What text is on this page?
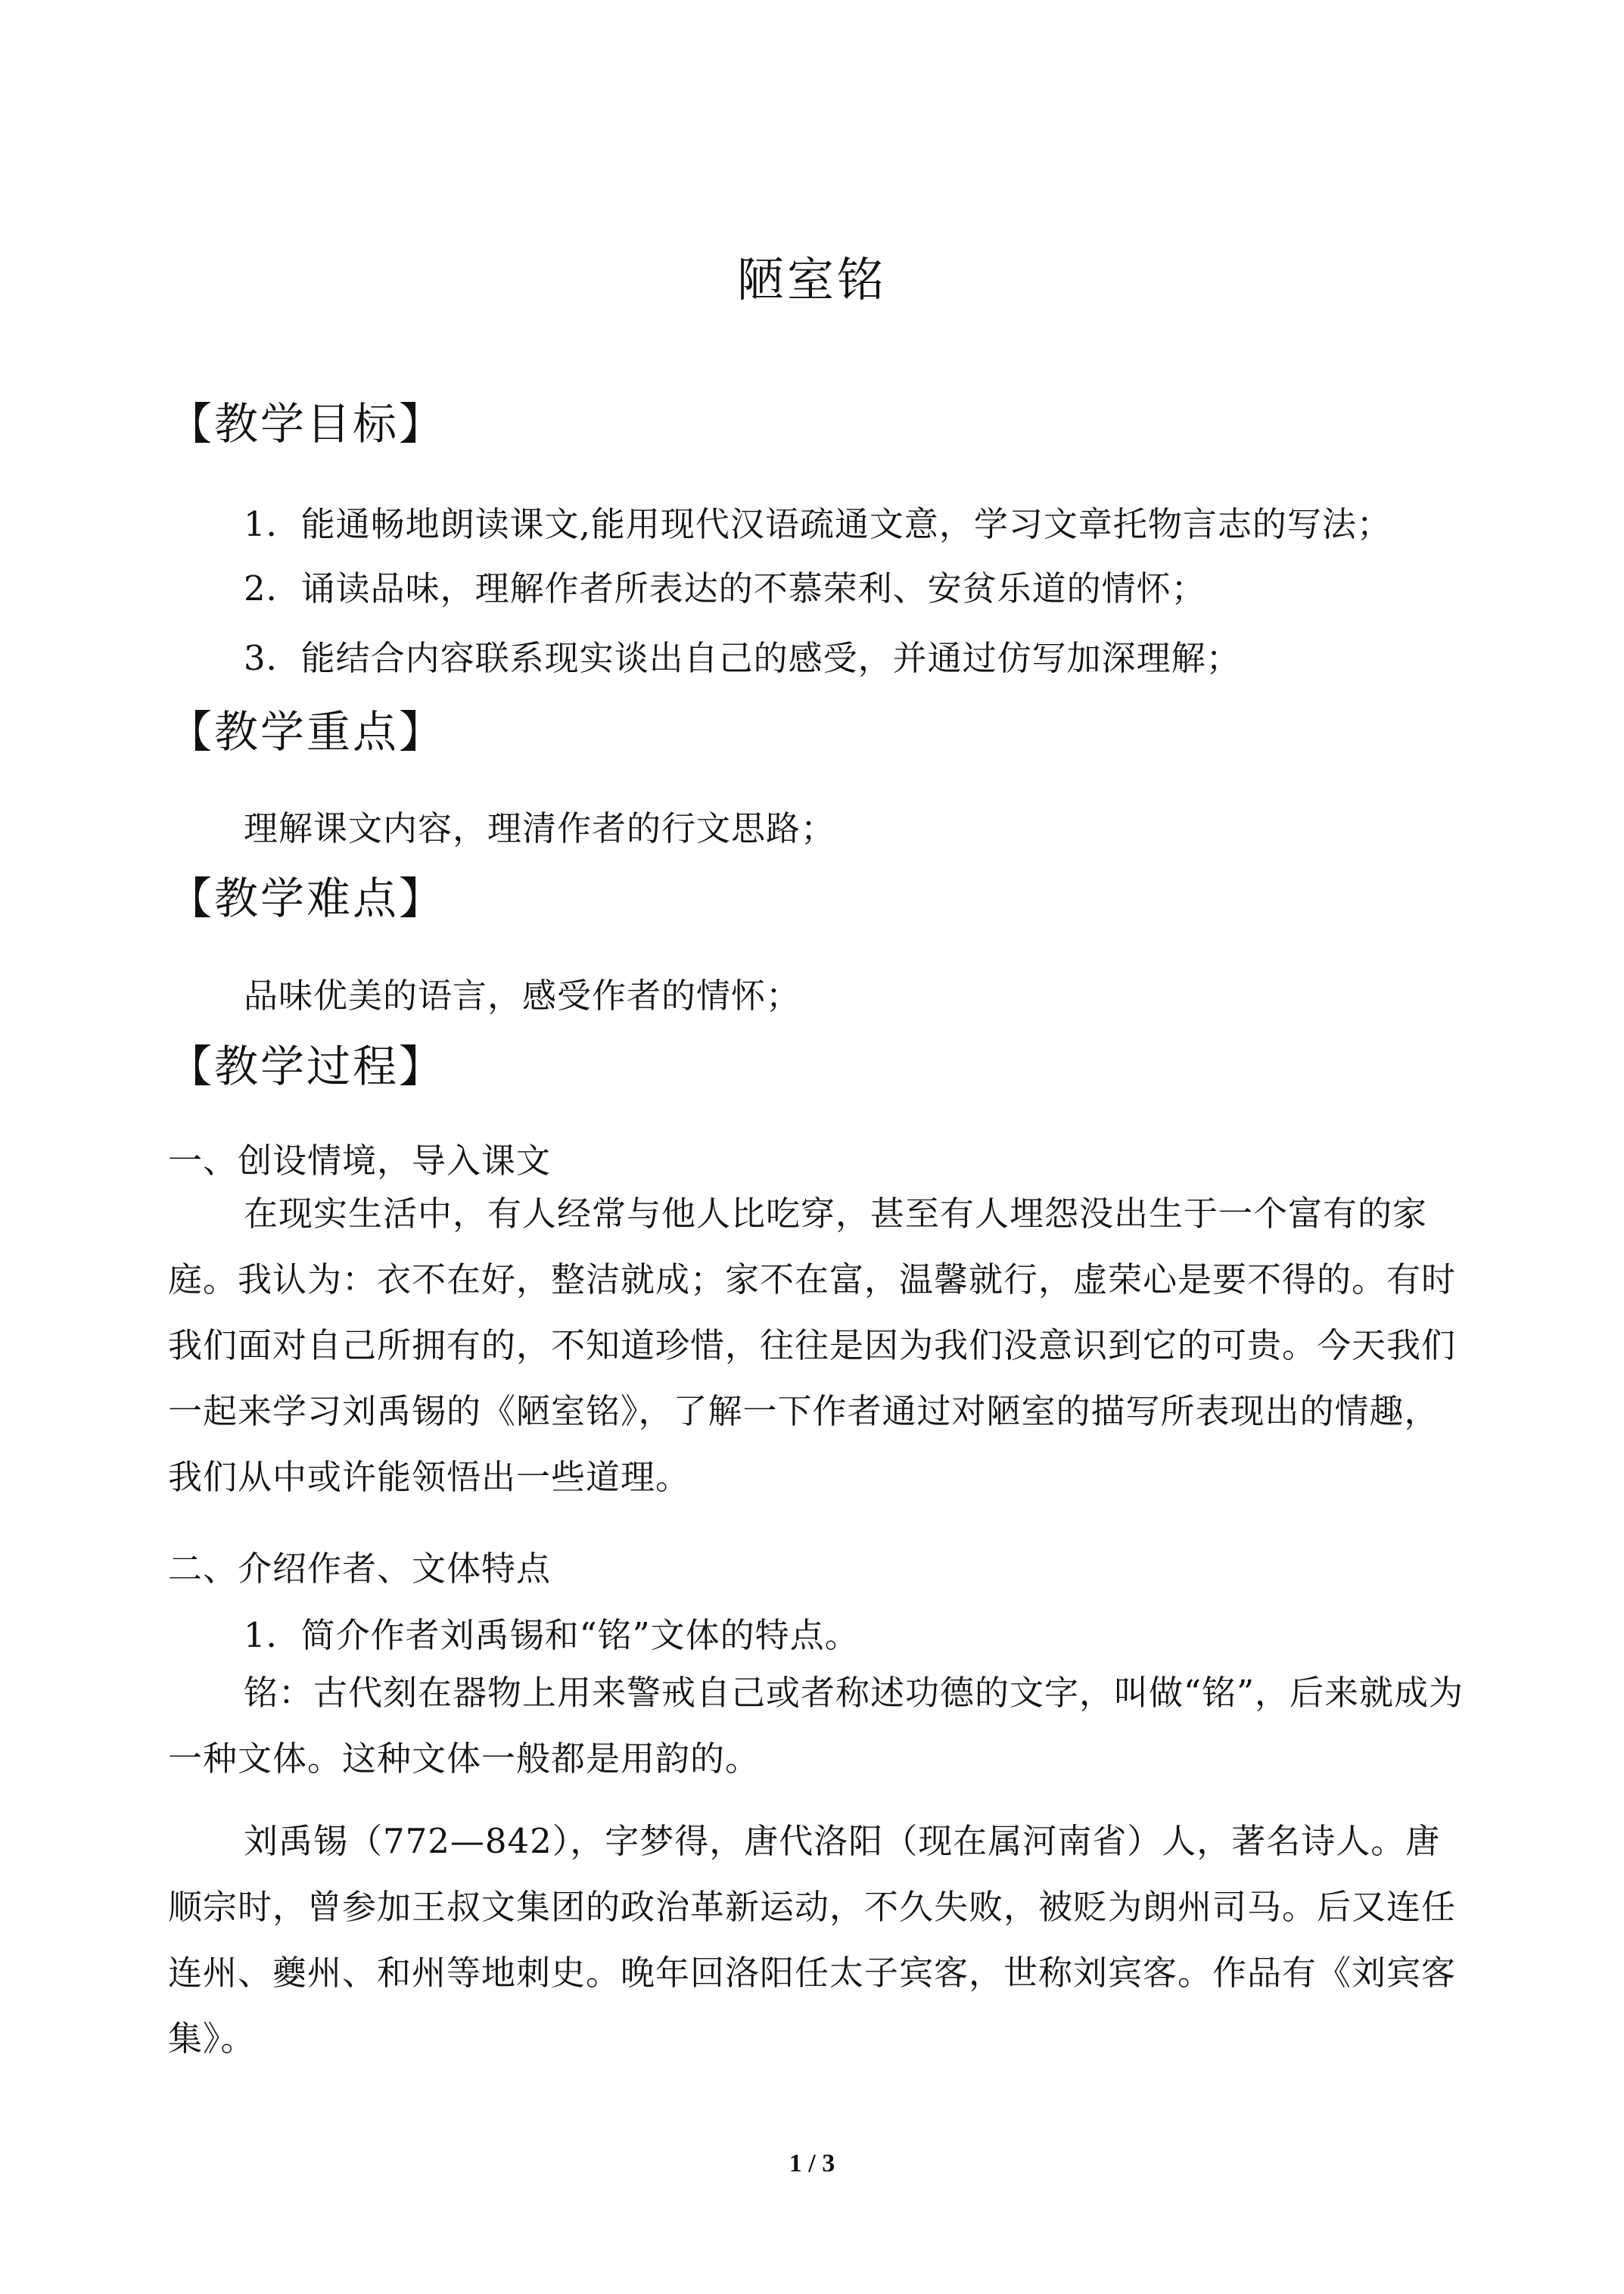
陋室铭
【教学目标】
1．能通畅地朗读课文,能用现代汉语疏通文意，学习文章托物言志的写法；
2．诵读品味，理解作者所表达的不慕荣利、安贫乐道的情怀；
3．能结合内容联系现实谈出自己的感受，并通过仿写加深理解；
【教学重点】
理解课文内容，理清作者的行文思路；
【教学难点】
品味优美的语言，感受作者的情怀；
【教学过程】
一、创设情境，导入课文
在现实生活中，有人经常与他人比吃穿，甚至有人埋怨没出生于一个富有的家庭。我认为：衣不在好，整洁就成；家不在富，温馨就行，虚荣心是要不得的。有时我们面对自己所拥有的，不知道珍惜，往往是因为我们没意识到它的可贵。今天我们一起来学习刘禹锡的《陋室铭》，了解一下作者通过对陋室的描写所表现出的情趣，我们从中或许能领悟出一些道理。
二、介绍作者、文体特点
1．简介作者刘禹锡和“铭”文体的特点。
铭：古代刻在器物上用来警戒自己或者称述功德的文字，叫做“铭”，后来就成为一种文体。这种文体一般都是用韵的。
刘禹锡（772—842），字梦得，唐代洛阳（现在属河南省）人，著名诗人。唐顺宗时，曾参加王叔文集团的政治革新运动，不久失败，被贬为朗州司马。后又连任连州、夔州、和州等地刺史。晚年回洛阳任太子宾客，世称刘宾客。作品有《刘宾客集》。
1 / 3
